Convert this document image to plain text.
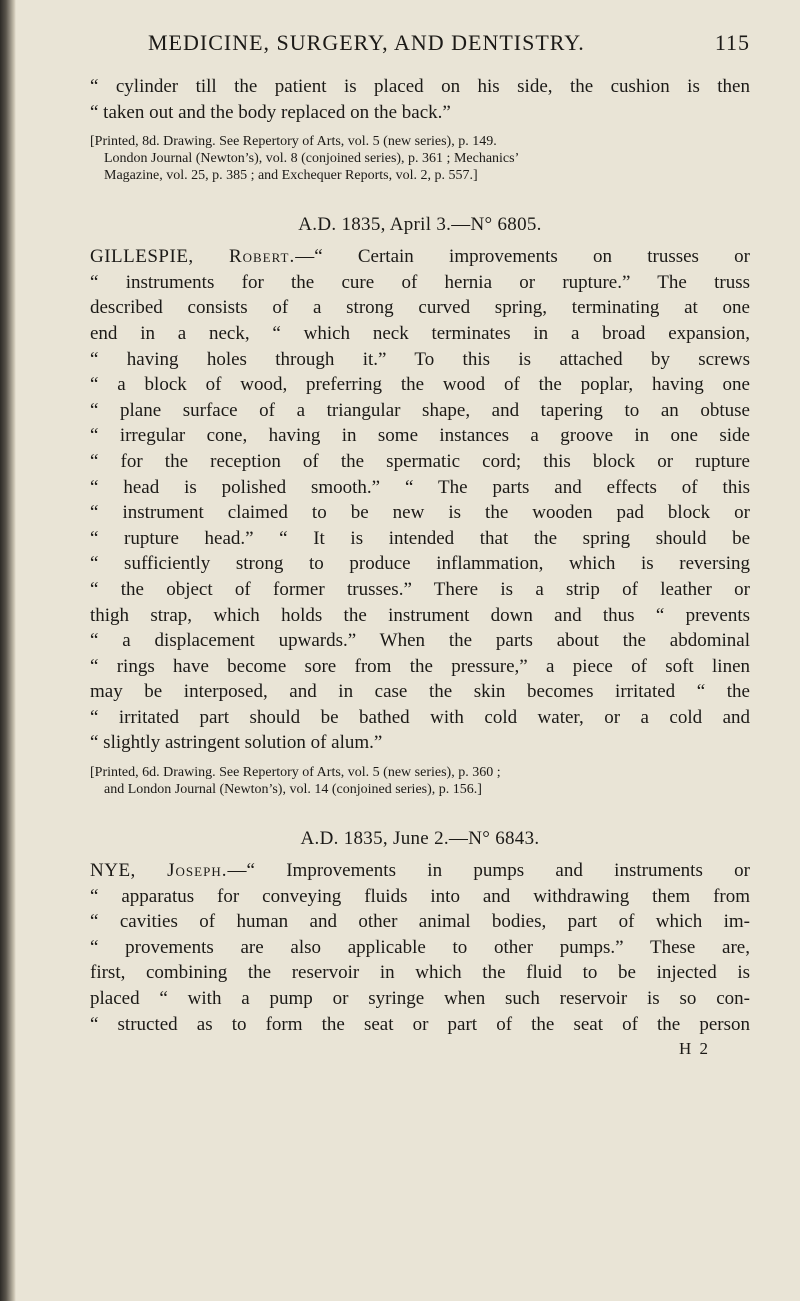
MEDICINE, SURGERY, AND DENTISTRY.	115
“ cylinder till the patient is placed on his side, the cushion is then
“ taken out and the body replaced on the back.”
[Printed, 8d. Drawing. See Repertory of Arts, vol. 5 (new series), p. 149.
London Journal (Newton’s), vol. 8 (conjoined series), p. 361 ; Mechanics’
Magazine, vol. 25, p. 385 ; and Exchequer Reports, vol. 2, p. 557.]
A.D. 1835, April 3.—N° 6805.
GILLESPIE, Robert.—“ Certain improvements on trusses or
“ instruments for the cure of hernia or rupture.” The truss
described consists of a strong curved spring, terminating at one
end in a neck, “ which neck terminates in a broad expansion,
“ having holes through it.” To this is attached by screws
“ a block of wood, preferring the wood of the poplar, having one
“ plane surface of a triangular shape, and tapering to an obtuse
“ irregular cone, having in some instances a groove in one side
“ for the reception of the spermatic cord; this block or rupture
“ head is polished smooth.” “ The parts and effects of this
“ instrument claimed to be new is the wooden pad block or
“ rupture head.” “ It is intended that the spring should be
“ sufficiently strong to produce inflammation, which is reversing
“ the object of former trusses.” There is a strip of leather or
thigh strap, which holds the instrument down and thus “ prevents
“ a displacement upwards.” When the parts about the abdominal
“ rings have become sore from the pressure,” a piece of soft linen
may be interposed, and in case the skin becomes irritated “ the
“ irritated part should be bathed with cold water, or a cold and
“ slightly astringent solution of alum.”
[Printed, 6d. Drawing. See Repertory of Arts, vol. 5 (new series), p. 360 ;
and London Journal (Newton’s), vol. 14 (conjoined series), p. 156.]
A.D. 1835, June 2.—N° 6843.
NYE, Joseph.—“ Improvements in pumps and instruments or
“ apparatus for conveying fluids into and withdrawing them from
“ cavities of human and other animal bodies, part of which im-
“ provements are also applicable to other pumps.” These are,
first, combining the reservoir in which the fluid to be injected is
placed “ with a pump or syringe when such reservoir is so con-
“ structed as to form the seat or part of the seat of the person
H 2
